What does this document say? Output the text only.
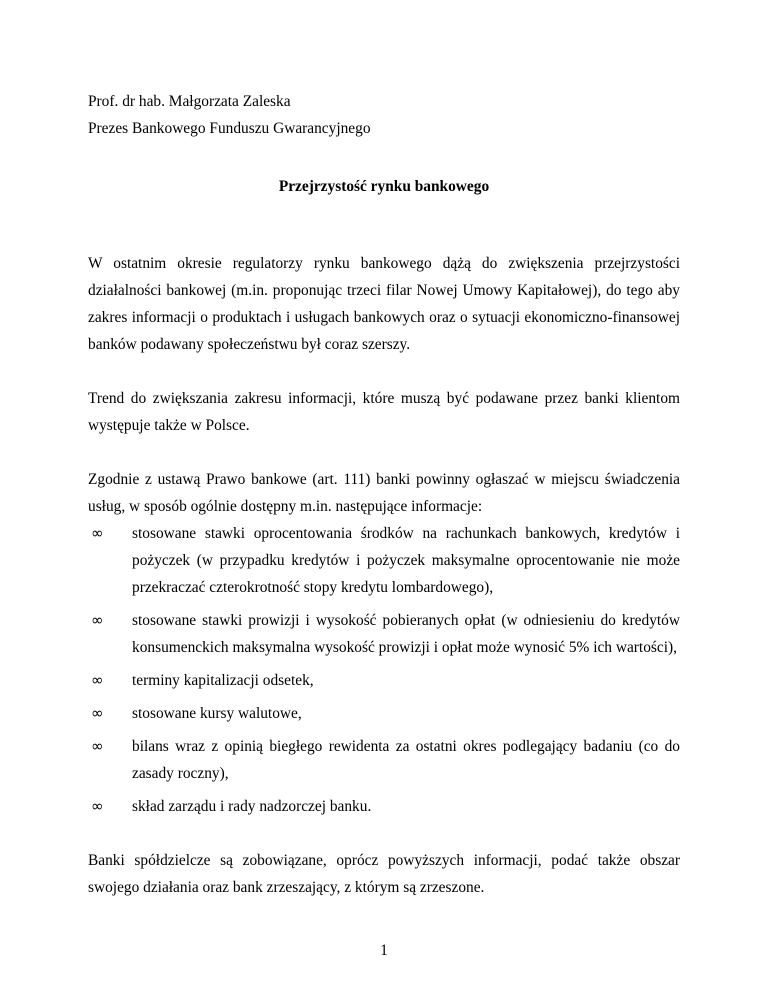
Prof. dr hab. Małgorzata Zaleska
Prezes Bankowego Funduszu Gwarancyjnego
Przejrzystość rynku bankowego

W ostatnim okresie regulatorzy rynku bankowego dążą do zwiększenia przejrzystości działalności bankowej (m.in. proponując trzeci filar Nowej Umowy Kapitałowej), do tego aby zakres informacji o produktach i usługach bankowych oraz o sytuacji ekonomiczno-finansowej banków podawany społeczeństwu był coraz szerszy.

Trend do zwiększania zakresu informacji, które muszą być podawane przez banki klientom występuje także w Polsce.

Zgodnie z ustawą Prawo bankowe (art. 111) banki powinny ogłaszać w miejscu świadczenia usług, w sposób ogólnie dostępny m.in. następujące informacje:

∞	stosowane stawki oprocentowania środków na rachunkach bankowych, kredytów i pożyczek (w przypadku kredytów i pożyczek maksymalne oprocentowanie nie może przekraczać czterokrotność stopy kredytu lombardowego),
∞	stosowane stawki prowizji i wysokość pobieranych opłat (w odniesieniu do kredytów konsumenckich maksymalna wysokość prowizji i opłat może wynosić 5% ich wartości),
∞	terminy kapitalizacji odsetek,
∞	stosowane kursy walutowe,
∞	bilans wraz z opinią biegłego rewidenta za ostatni okres podlegający badaniu (co do zasady roczny),
∞	skład zarządu i rady nadzorczej banku.

Banki spółdzielcze są zobowiązane, oprócz powyższych informacji, podać także obszar swojego działania oraz bank zrzeszający, z którym są zrzeszone.

1
